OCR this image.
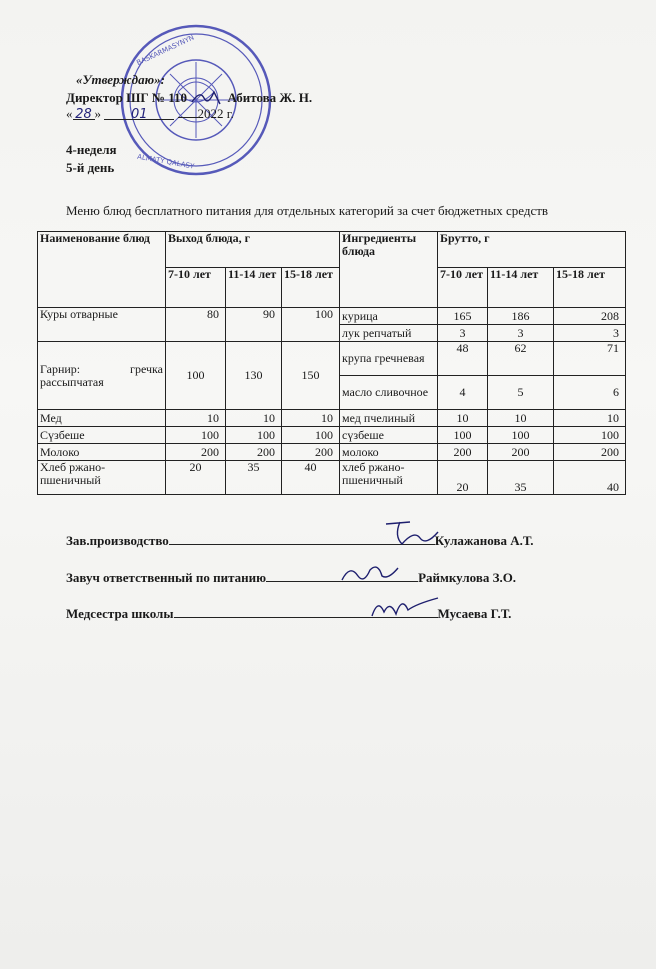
BASKARMASYNYN
ALMATY QALASY
«Утверждаю»:
Директор ШГ № 110	Абитова Ж. Н.
« 28 » 01	2022 г.
4-неделя
5-й день
Меню блюд бесплатного питания для отдельных категорий за счет бюджетных средств
Наименование блюд	Выход блюда, г			Ингредиенты блюда	Брутто, г		
	7-10 лет	11-14 лет	15-18 лет		7-10 лет	11-14 лет	15-18 лет
Куры отварные	80	90	100	курица	165	186	208
				лук репчатый	3	3	3
Гарнир: гречка рассыпчатая	100	130	150	крупа гречневая	48	62	71
				масло сливочное	4	5	6
Мед	10	10	10	мед пчелиный	10	10	10
Сүзбеше	100	100	100	сүзбеше	100	100	100
Молоко	200	200	200	молоко	200	200	200
Хлеб ржано-пшеничный	20	35	40	хлеб ржано-пшеничный	20	35	40
Зав.производство	Кулажанова А.Т.
Завуч ответственный по питанию	Раймкулова З.О.
Медсестра школы	Мусаева Г.Т.
